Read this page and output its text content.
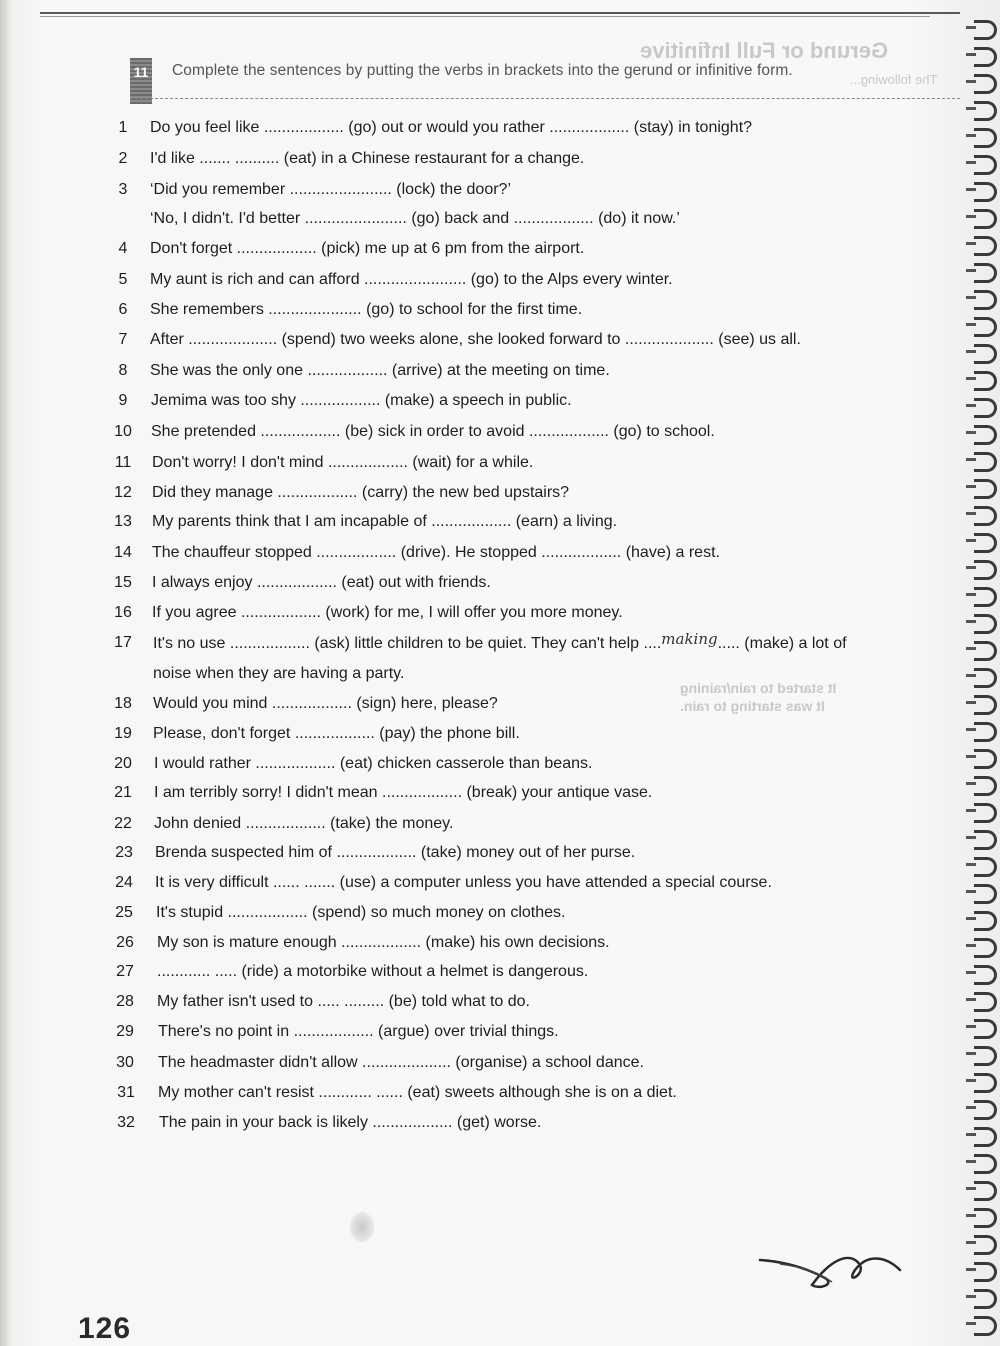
Gerund or Full Infinitive
The following...
It started to rain/raining
It was starting to rain.
11 Complete the sentences by putting the verbs in brackets into the gerund or infinitive form.
1	Do you feel like .................. (go) out or would you rather .................. (stay) in tonight?
2	I'd like ....... .......... (eat) in a Chinese restaurant for a change.
3	‘Did you remember ....................... (lock) the door?’
‘No, I didn't. I'd better ....................... (go) back and .................. (do) it now.’
4	Don't forget .................. (pick) me up at 6 pm from the airport.
5	My aunt is rich and can afford ....................... (go) to the Alps every winter.
6	She remembers ..................... (go) to school for the first time.
7	After .................... (spend) two weeks alone, she looked forward to .................... (see) us all.
8	She was the only one .................. (arrive) at the meeting on time.
9	Jemima was too shy .................. (make) a speech in public.
10	She pretended .................. (be) sick in order to avoid .................. (go) to school.
11	Don't worry! I don't mind .................. (wait) for a while.
12	Did they manage .................. (carry) the new bed upstairs?
13	My parents think that I am incapable of .................. (earn) a living.
14	The chauffeur stopped .................. (drive). He stopped .................. (have) a rest.
15	I always enjoy .................. (eat) out with friends.
16	If you agree .................. (work) for me, I will offer you more money.
17	It's no use .................. (ask) little children to be quiet. They can't help ....making..... (make) a lot of
noise when they are having a party.
18	Would you mind .................. (sign) here, please?
19	Please, don't forget .................. (pay) the phone bill.
20	I would rather .................. (eat) chicken casserole than beans.
21	I am terribly sorry! I didn't mean .................. (break) your antique vase.
22	John denied .................. (take) the money.
23	Brenda suspected him of .................. (take) money out of her purse.
24	It is very difficult ...... ....... (use) a computer unless you have attended a special course.
25	It's stupid .................. (spend) so much money on clothes.
26	My son is mature enough .................. (make) his own decisions.
27	............ ..... (ride) a motorbike without a helmet is dangerous.
28	My father isn't used to ..... ......... (be) told what to do.
29	There's no point in .................. (argue) over trivial things.
30	The headmaster didn't allow .................... (organise) a school dance.
31	My mother can't resist ............ ...... (eat) sweets although she is on a diet.
32	The pain in your back is likely .................. (get) worse.
126
